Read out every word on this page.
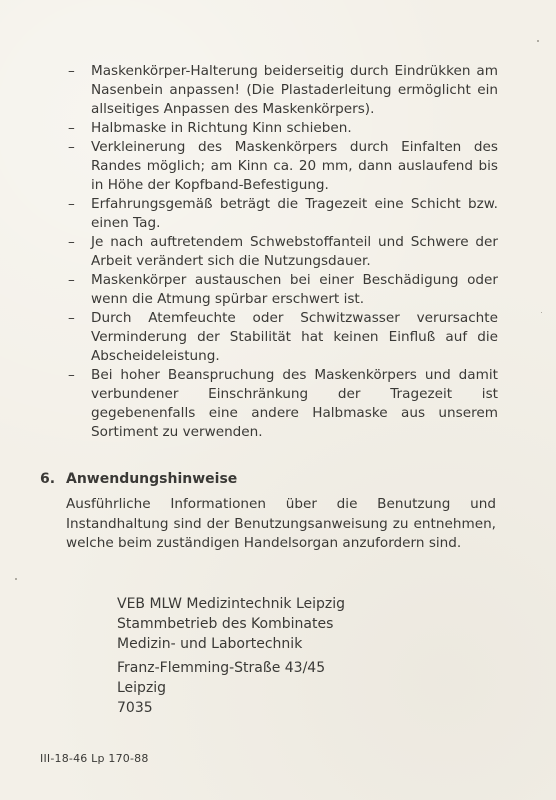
– Maskenkörper-Halterung beiderseitig durch Eindrükken am Nasenbein anpassen! (Die Plastaderleitung ermöglicht ein allseitiges Anpassen des Maskenkörpers).
– Halbmaske in Richtung Kinn schieben.
– Verkleinerung des Maskenkörpers durch Einfalten des Randes möglich; am Kinn ca. 20 mm, dann auslaufend bis in Höhe der Kopfband-Befestigung.
– Erfahrungsgemäß beträgt die Tragezeit eine Schicht bzw. einen Tag.
– Je nach auftretendem Schwebstoffanteil und Schwere der Arbeit verändert sich die Nutzungsdauer.
– Maskenkörper austauschen bei einer Beschädigung oder wenn die Atmung spürbar erschwert ist.
– Durch Atemfeuchte oder Schwitzwasser verursachte Verminderung der Stabilität hat keinen Einfluß auf die Abscheideleistung.
– Bei hoher Beanspruchung des Maskenkörpers und damit verbundener Einschränkung der Tragezeit ist gegebenenfalls eine andere Halbmaske aus unserem Sortiment zu verwenden.
6. Anwendungshinweise
Ausführliche Informationen über die Benutzung und Instandhaltung sind der Benutzungsanweisung zu entnehmen, welche beim zuständigen Handelsorgan anzufordern sind.
VEB MLW Medizintechnik Leipzig
Stammbetrieb des Kombinates
Medizin- und Labortechnik
Franz-Flemming-Straße 43/45
Leipzig
7035
III-18-46 Lp 170-88
